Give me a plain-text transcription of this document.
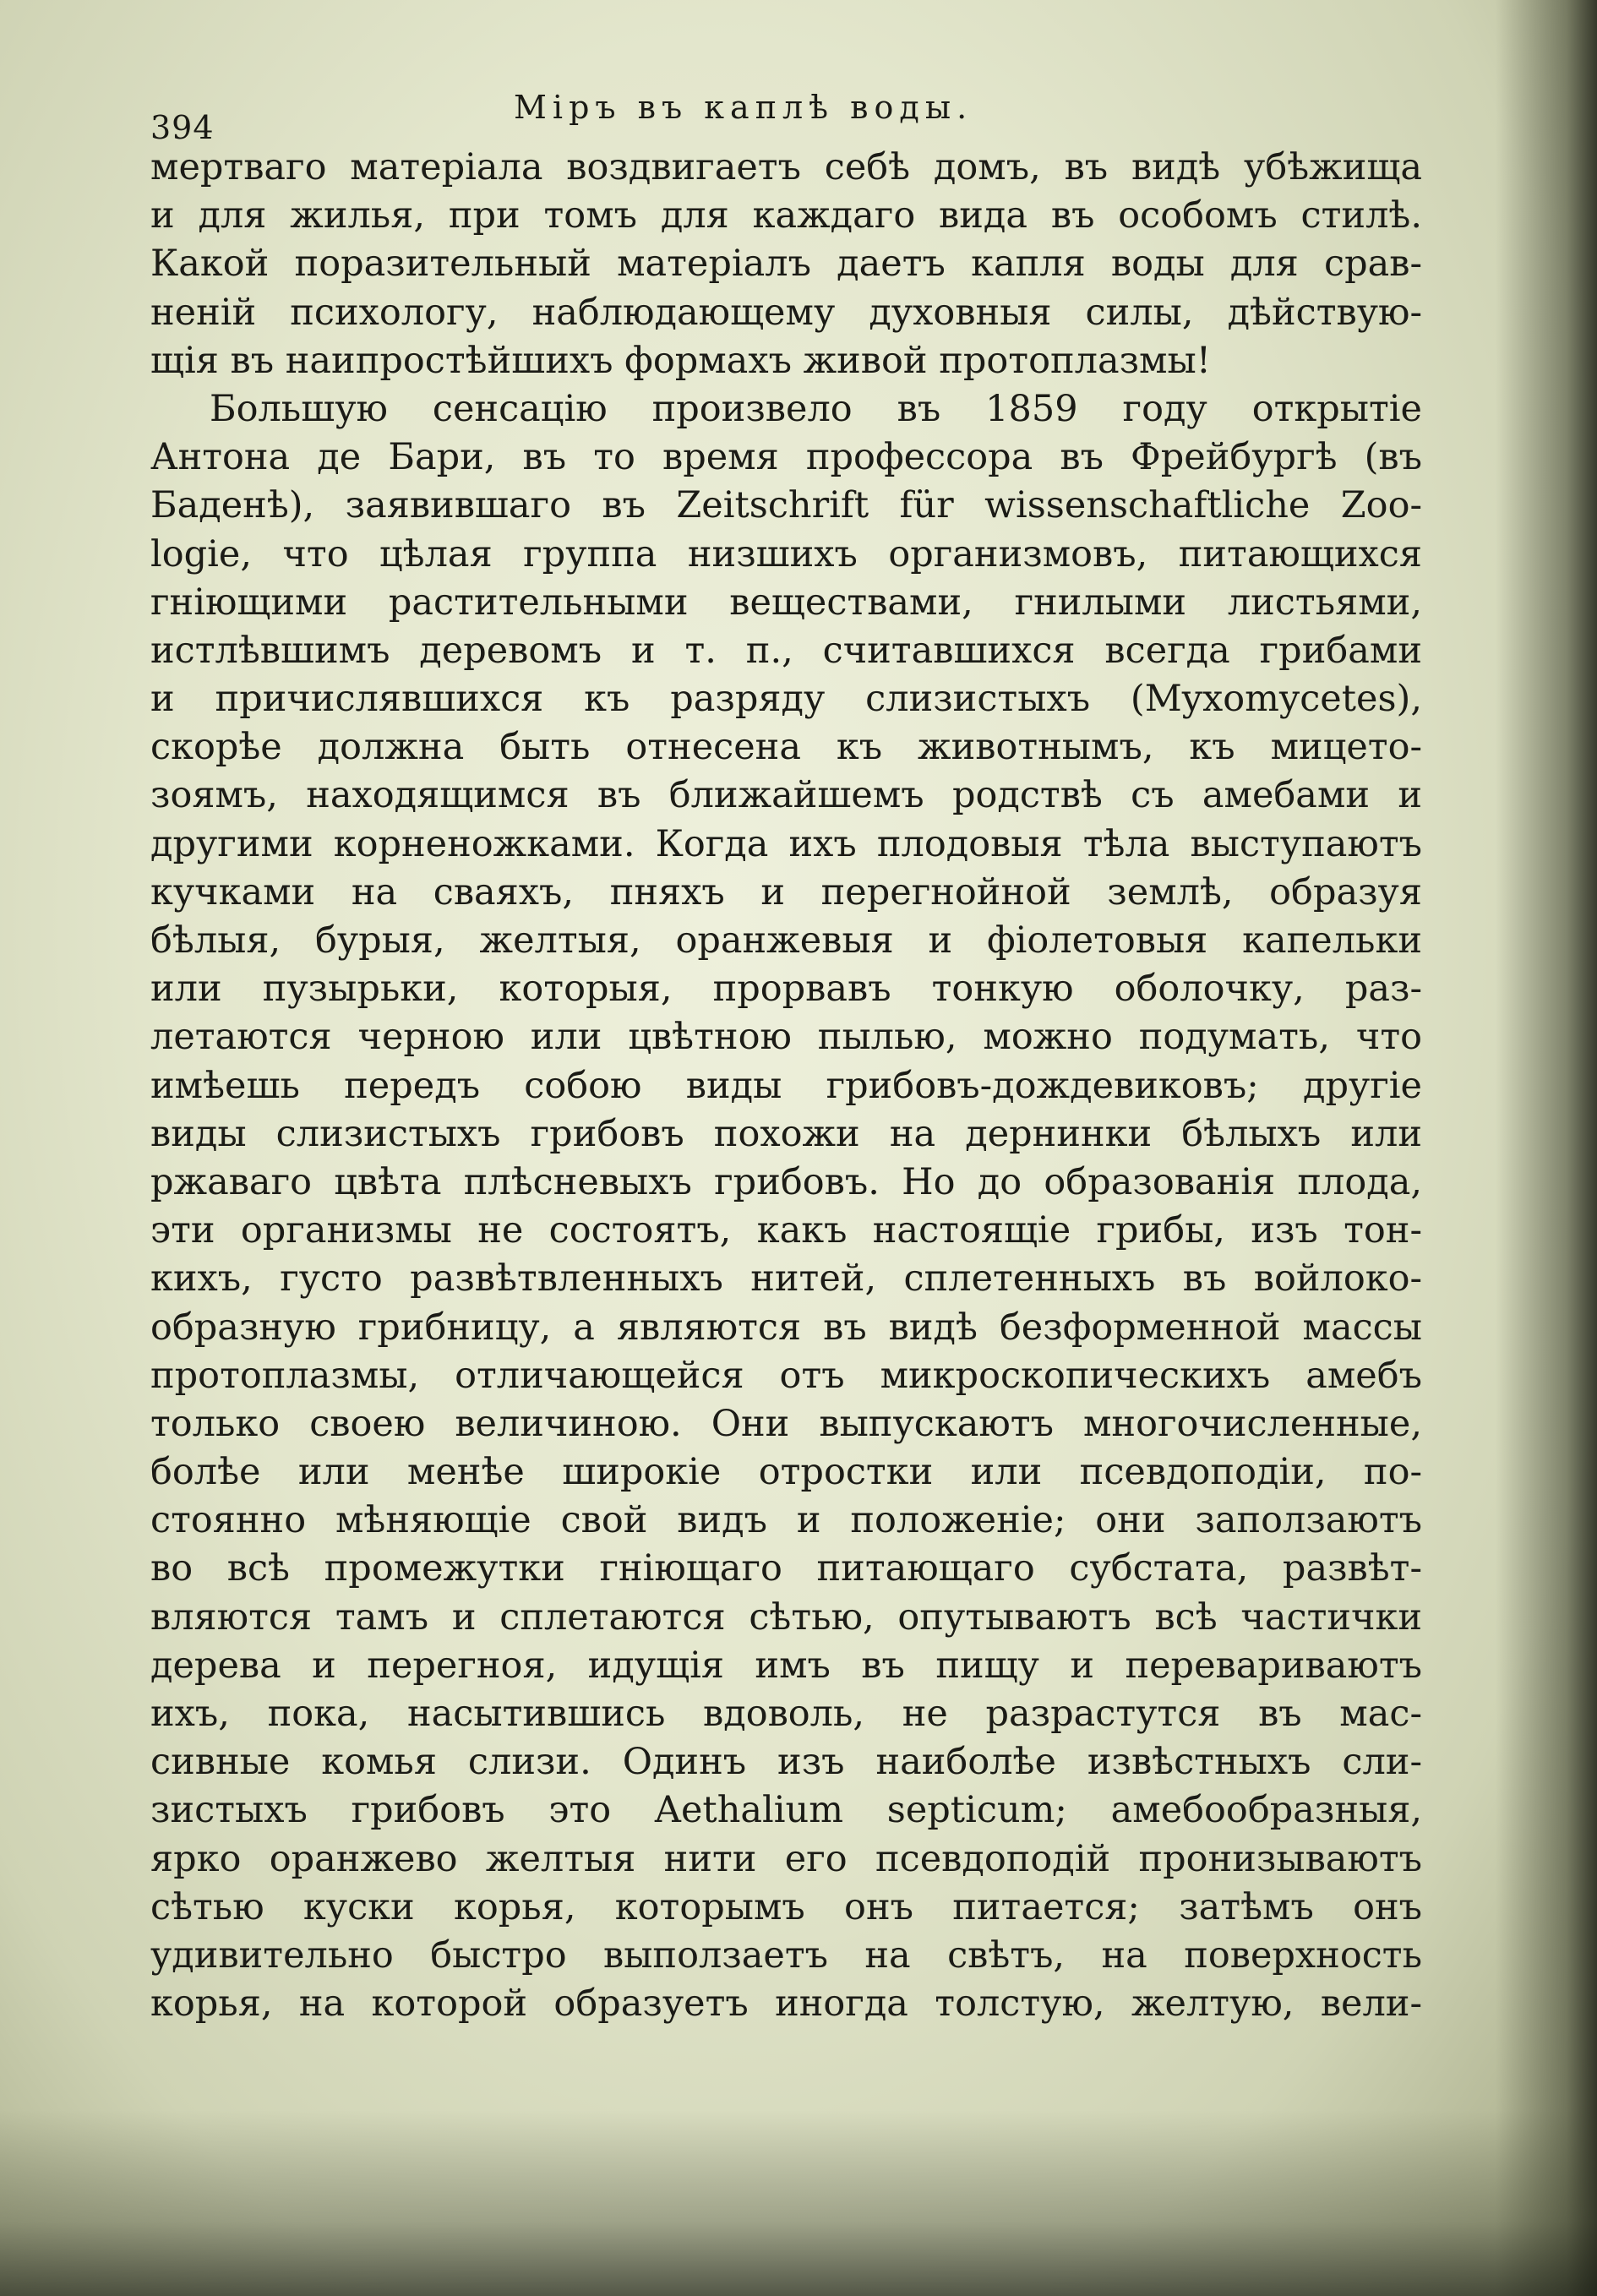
394
Міръ въ каплѣ воды.
мертваго матеріала воздвигаетъ себѣ домъ, въ видѣ убѣжища
и для жилья, при томъ для каждаго вида въ особомъ стилѣ.
Какой поразительный матеріалъ даетъ капля воды для срав-
неній психологу, наблюдающему духовныя силы, дѣйствую-
щія въ наипростѣйшихъ формахъ живой протоплазмы!
Большую сенсацію произвело въ 1859 году открытіе
Антона де Бари, въ то время профессора въ Фрейбургѣ (въ
Баденѣ), заявившаго въ Zeitschrift für wissenschaftliche Zoo-
logie, что цѣлая группа низшихъ организмовъ, питающихся
гніющими растительными веществами, гнилыми листьями,
истлѣвшимъ деревомъ и т. п., считавшихся всегда грибами
и причислявшихся къ разряду слизистыхъ (Myxomycetes),
скорѣе должна быть отнесена къ животнымъ, къ мицето-
зоямъ, находящимся въ ближайшемъ родствѣ съ амебами и
другими корненожками. Когда ихъ плодовыя тѣла выступаютъ
кучками на сваяхъ, пняхъ и перегнойной землѣ, образуя
бѣлыя, бурыя, желтыя, оранжевыя и фіолетовыя капельки
или пузырьки, которыя, прорвавъ тонкую оболочку, раз-
летаются черною или цвѣтною пылью, можно подумать, что
имѣешь передъ собою виды грибовъ-дождевиковъ; другіе
виды слизистыхъ грибовъ похожи на дернинки бѣлыхъ или
ржаваго цвѣта плѣсневыхъ грибовъ. Но до образованія плода,
эти организмы не состоятъ, какъ настоящіе грибы, изъ тон-
кихъ, густо развѣтвленныхъ нитей, сплетенныхъ въ войлоко-
образную грибницу, а являются въ видѣ безформенной массы
протоплазмы, отличающейся отъ микроскопическихъ амебъ
только своею величиною. Они выпускаютъ многочисленные,
болѣе или менѣе широкіе отростки или псевдоподіи, по-
стоянно мѣняющіе свой видъ и положеніе; они заползаютъ
во всѣ промежутки гніющаго питающаго субстата, развѣт-
вляются тамъ и сплетаются сѣтью, опутываютъ всѣ частички
дерева и перегноя, идущія имъ въ пищу и перевариваютъ
ихъ, пока, насытившись вдоволь, не разрастутся въ мас-
сивные комья слизи. Одинъ изъ наиболѣе извѣстныхъ сли-
зистыхъ грибовъ это Aethalium septicum; амебообразныя,
ярко оранжево желтыя нити его псевдоподій пронизываютъ
сѣтью куски корья, которымъ онъ питается; затѣмъ онъ
удивительно быстро выползаетъ на свѣтъ, на поверхность
корья, на которой образуетъ иногда толстую, желтую, вели-
